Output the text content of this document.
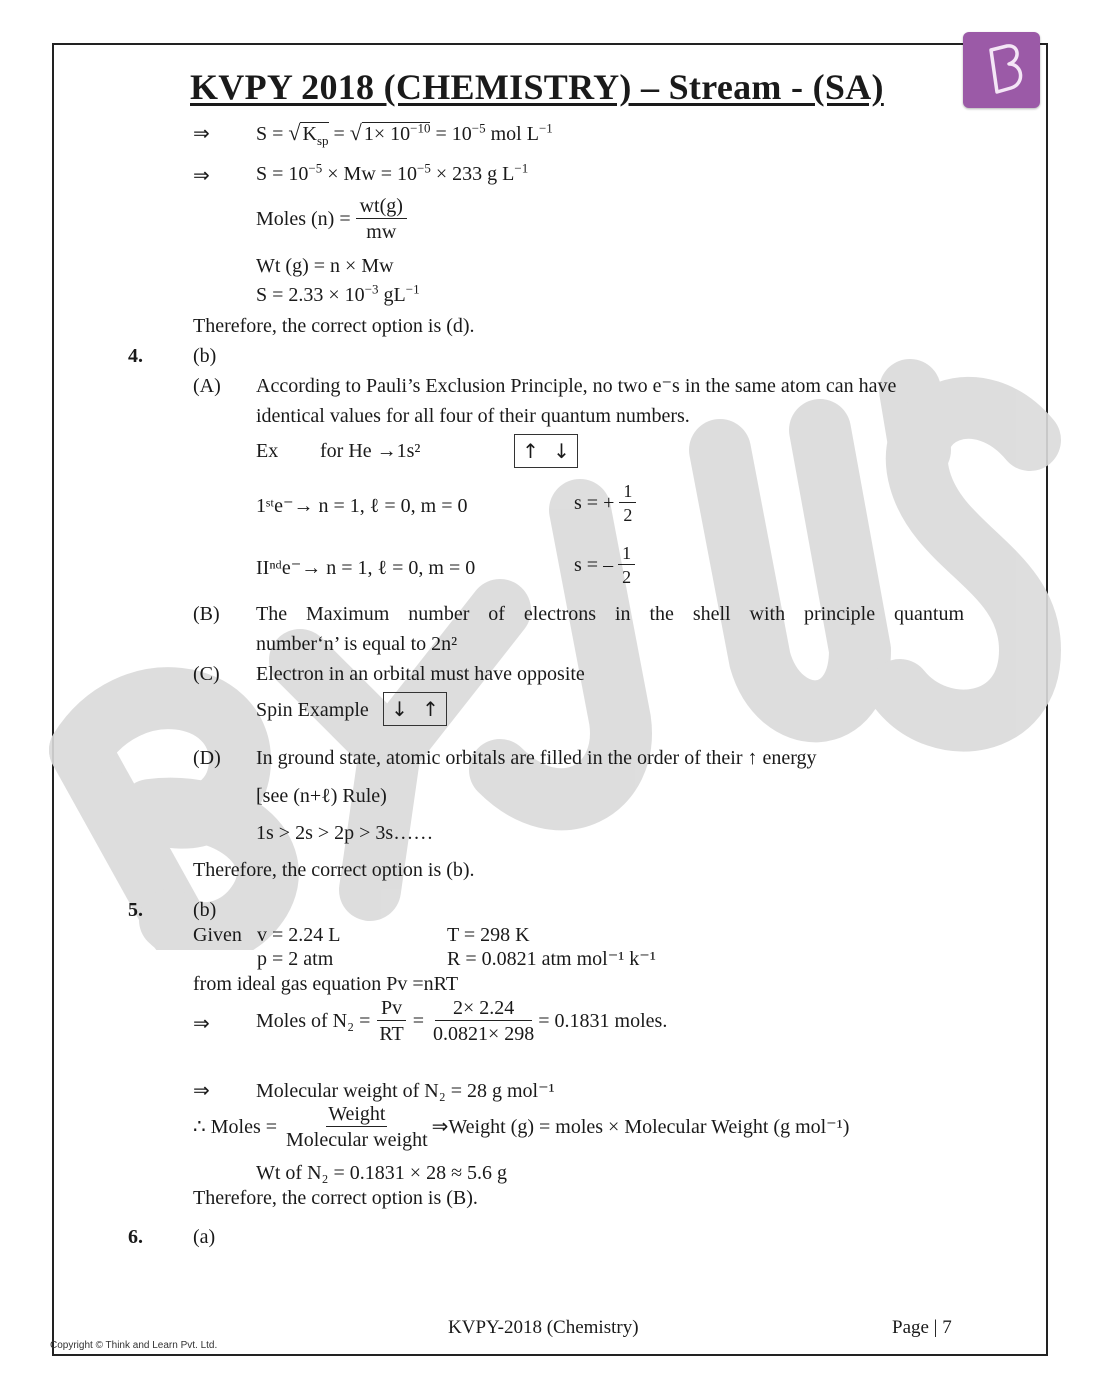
KVPY 2018 (CHEMISTRY) – Stream - (SA)
⇒ S = √ $K_{sp}$ = √ $1\times 10^{-10} = 10^{-5}$ mol $L^{-1}$
⇒ $S = 10^{-5} \times Mw = 10^{-5} \times 233$ g $L^{-1}$
Moles $(n) = \frac{wt(g)}{mw}$
Wt (g) = n × Mw
$S = 2.33 \times 10^{-3}$ $gL^{-1}$
Therefore, the correct option is (d).
4.	(b)
(A) According to Pauli’s Exclusion Principle, no two e⁻s in the same atom can have
identical values for all four of their quantum numbers.
Ex for He →1s²	↑ ↓
1ˢᵗe⁻→ n = 1, ℓ = 0, m = 0	s = + $\frac{1}{2}$
IIⁿᵈe⁻→ n = 1, ℓ = 0, m = 0	s = – $\frac{1}{2}$
(B) The Maximum number of electrons in the shell with principle quantum
number‘n’ is equal to 2n²
(C) Electron in an orbital must have opposite
Spin Example ↓ ↑
(D) In ground state, atomic orbitals are filled in the order of their ↑ energy
[see (n+ℓ) Rule)
1s > 2s > 2p > 3s……
Therefore, the correct option is (b).
5.	(b)
Given v = 2.24 L	T = 298 K
p = 2 atm	R = 0.0821 atm mol⁻¹ k⁻¹
from ideal gas equation Pv =nRT
⇒ Moles of $N_2 = \frac{Pv}{RT} = \frac{2\times 2.24}{0.0821\times 298} = 0.1831$ moles.
⇒ Molecular weight of N₂ = 28 g mol⁻¹
∴ Moles = $\frac{\text{Weight}}{\text{Molecular weight}}$ ⇒Weight (g) = moles × Molecular Weight (g mol⁻¹)
Wt of N₂ = 0.1831 × 28 ≈ 5.6 g
Therefore, the correct option is (B).
6.	(a)
KVPY-2018 (Chemistry)	Page | 7
Copyright © Think and Learn Pvt. Ltd.
